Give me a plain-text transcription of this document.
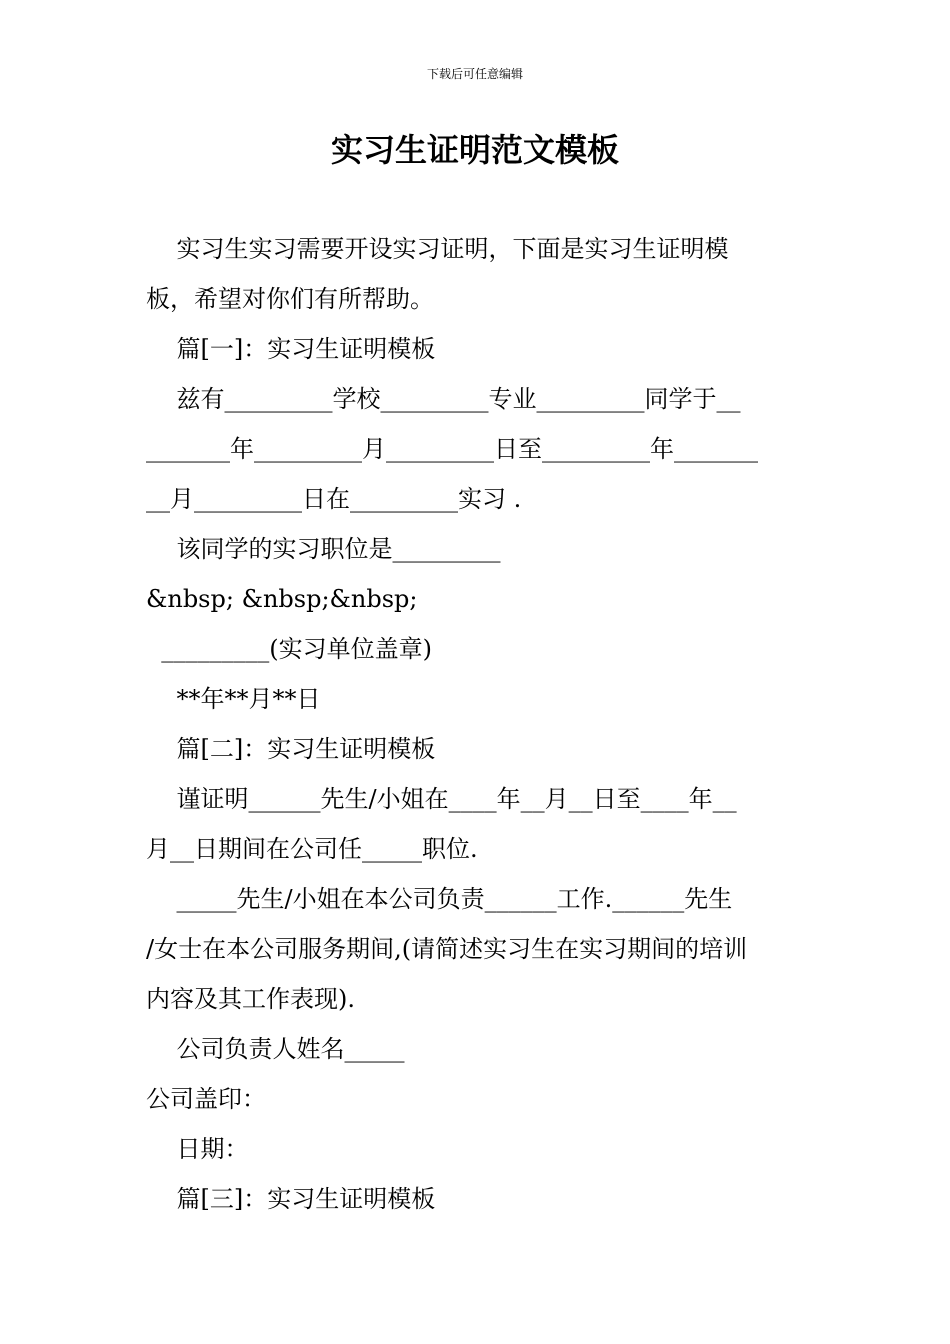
下载后可任意编辑
实习生证明范文模板
实习生实习需要开设实习证明，下面是实习生证明模
板，希望对你们有所帮助。
篇[一]：实习生证明模板
兹有_________学校_________专业_________同学于__
_______年_________月_________日至_________年_______
__月_________日在_________实习 .
该同学的实习职位是_________
&nbsp; &nbsp;&nbsp;
_________(实习单位盖章)
**年**月**日
篇[二]：实习生证明模板
谨证明______先生/小姐在____年__月__日至____年__
月__日期间在公司任_____职位.
_____先生/小姐在本公司负责______工作.______先生
/女士在本公司服务期间,(请简述实习生在实习期间的培训
内容及其工作表现).
公司负责人姓名_____
公司盖印：
日期：
篇[三]：实习生证明模板
